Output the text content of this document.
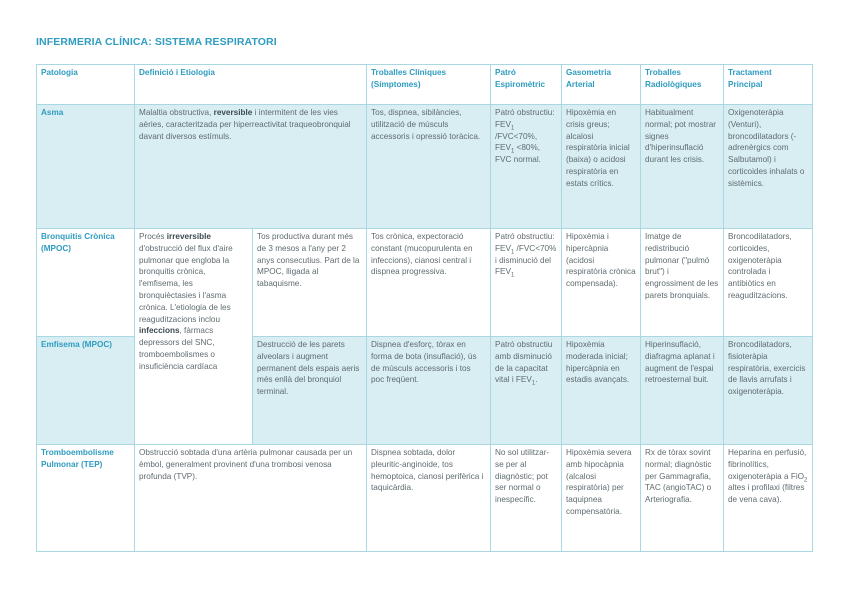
INFERMERIA CLÍNICA: SISTEMA RESPIRATORI
Patologia	Definició i Etiologia		Troballes Clíniques (Símptomes)	Patró Espiromètric	Gasometria Arterial	Troballes Radiològiques	Tractament Principal
Asma	Malaltia obstructiva, reversible i intermitent de les vies aèries, caracteritzada per hiperreactivitat traqueobronquial davant diversos estímuls.		Tos, dispnea, sibilàncies, utilització de músculs accessoris i opressió toràcica.	Patró obstructiu: $FEV_1$ /FVC<70%, $FEV_1 <80\%$, FVC normal.	Hipoxèmia en crisis greus; alcalosi respiratòria inicial (baixa) o acidosi respiratòria en estats crítics.	Habitualment normal; pot mostrar signes d'hiperinsuflació durant les crisis.	Oxigenoteràpia (Venturi), broncodilatadors (-adrenèrgics com Salbutamol) i corticoides inhalats o sistèmics.
Bronquitis Crònica (MPOC)	Procés irreversible d'obstrucció del flux d'aire pulmonar que engloba la bronquitis crònica, l'emfisema, les bronquièctasies i l'asma crònica. L'etiologia de les reaguditzacions inclou infeccions, fàrmacs depressors del SNC, tromboembolismes o insuficiència cardíaca	Tos productiva durant més de 3 mesos a l'any per 2 anys consecutius. Part de la MPOC, lligada al tabaquisme.	Tos crònica, expectoració constant (mucopurulenta en infeccions), cianosi central i dispnea progressiva.	Patró obstructiu: $FEV_1$ /FVC<70% i disminució del $FEV_1$	Hipoxèmia i hipercàpnia (acidosi respiratòria crònica compensada).	Imatge de redistribució pulmonar ("pulmó brut") i engrossiment de les parets bronquials.	Broncodilatadors, corticoides, oxigenoteràpia controlada i antibiòtics en reaguditzacions.
Emfisema (MPOC)		Destrucció de les parets alveolars i augment permanent dels espais aeris més enllà del bronquiol terminal.	Dispnea d'esforç, tòrax en forma de bota (insuflació), ús de músculs accessoris i tos poc freqüent.	Patró obstructiu amb disminució de la capacitat vital i $FEV_1$.	Hipoxèmia moderada inicial; hipercàpnia en estadis avançats.	Hiperinsuflació, diafragma aplanat i augment de l'espai retroesternal buit.	Broncodilatadors, fisioteràpia respiratòria, exercicis de llavis arrufats i oxigenoteràpia.
Tromboembolisme Pulmonar (TEP)	Obstrucció sobtada d'una artèria pulmonar causada per un èmbol, generalment provinent d'una trombosi venosa profunda (TVP).		Dispnea sobtada, dolor pleuritic-anginoide, tos hemoptoica, cianosi perifèrica i taquicàrdia.	No sol utilitzar-se per al diagnòstic; pot ser normal o inespecífic.	Hipoxèmia severa amb hipocàpnia (alcalosi respiratòria) per taquipnea compensatòria.	Rx de tòrax sovint normal; diagnòstic per Gammagrafia, TAC (angioTAC) o Arteriografia.	Heparina en perfusió, fibrinolítics, oxigenoteràpia a FiO$_2$ altes i profilaxi (filtres de vena cava).
